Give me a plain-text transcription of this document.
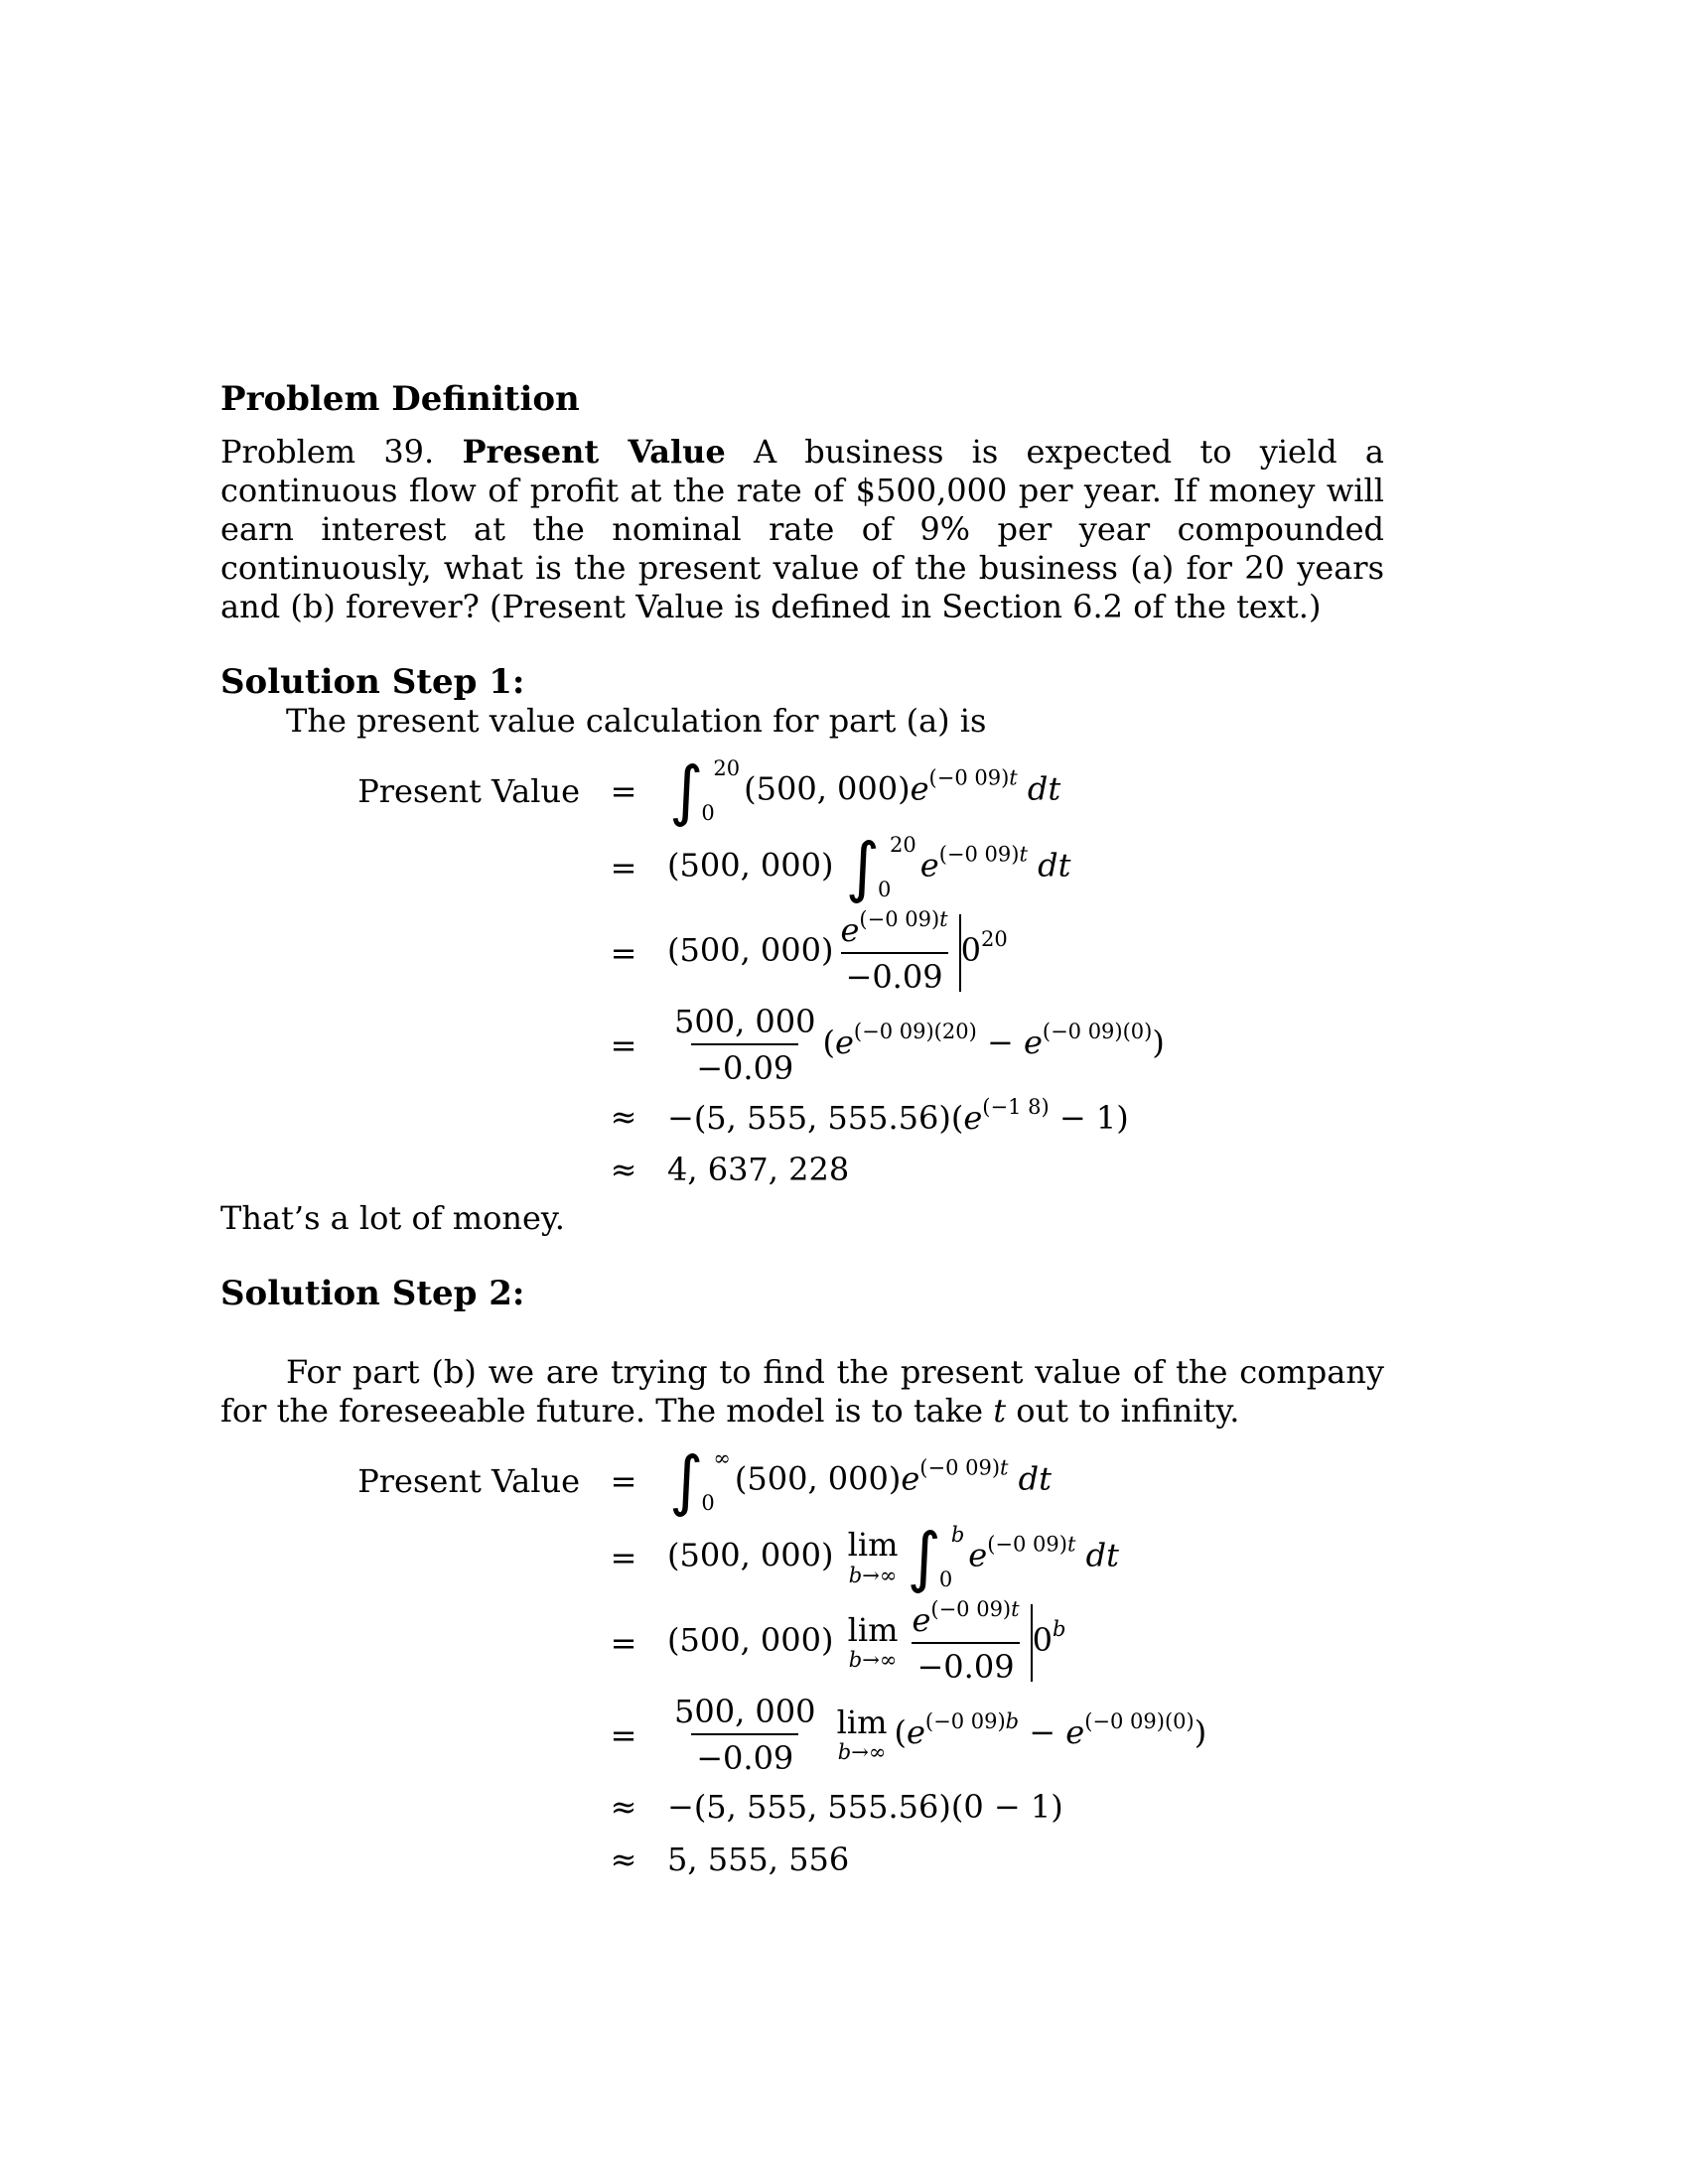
Problem Definition

Problem 39. Present Value A business is expected to yield a continuous flow of profit at the rate of $500,000 per year. If money will earn interest at the nominal rate of 9% per year compounded continuously, what is the present value of the business (a) for 20 years and (b) forever? (Present Value is defined in Section 6.2 of the text.)

Solution Step 1:

The present value calculation for part (a) is

Present Value = ∫ 20
0
(500, $000)e^{(-0 09)t}$ dt
= (500, 000) ∫ 20
0
$e^{(-0 09)t}$ dt
= (500, $000) \frac{e^{(-0 09)t}}{-0.09} 0^{20}$
=	$\frac{500, 000}{-0.09} (e^{(-0 09)(20)} - e^{(-0 09)(0)})$
≈ −(5, 555, $555.56)(e^{(-1 8)} - 1)$
≈ 4, 637, 228

That’s a lot of money.

Solution Step 2:

For part (b) we are trying to find the present value of the company for the foreseeable future. The model is to take t out to infinity.

Present Value = ∫ ∞
0
(500, $000)e^{(-0 09)t}$ dt
= (500, 000) lim
b→∞ ∫ b
0
$e^{(-0 09)t}$ dt
= (500, 000) lim
$b\to\infty \frac{e^{(-0 09)t}}{-0.09} 0^b$
=	$\frac{500, 000}{-0.09}$
lim
b→∞
$(e^{(-0 09)b} - e^{(-0 09)(0)})$
≈ −(5, 555, 555.56)(0 − 1)
≈ 5, 555, 556
